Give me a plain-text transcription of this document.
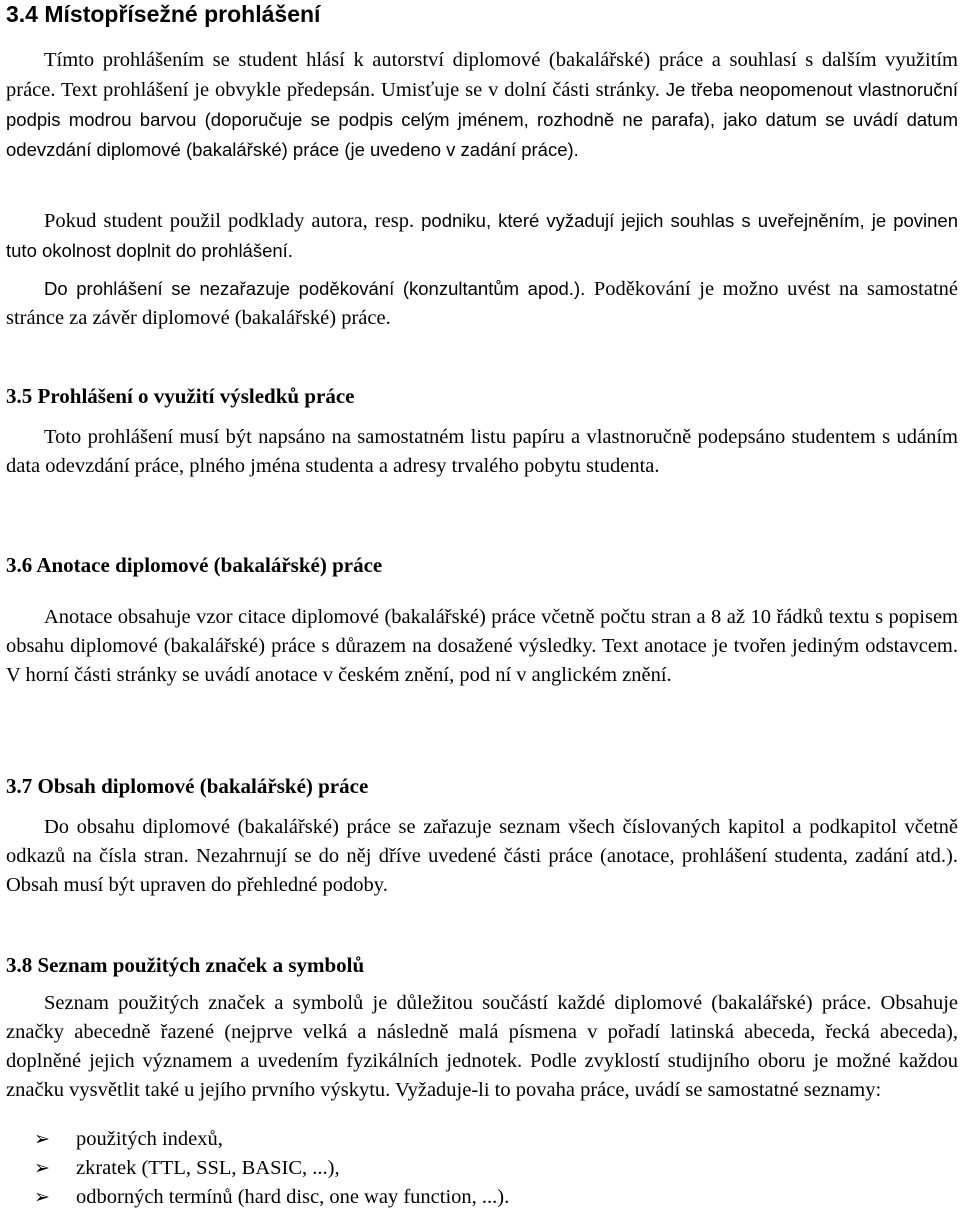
3.4 Místopřísežné prohlášení
Tímto prohlášením se student hlásí k autorství diplomové (bakalářské) práce a souhlasí s dalším využitím práce. Text prohlášení je obvykle předepsán. Umisťuje se v dolní části stránky. Je třeba neopomenout vlastnoruční podpis modrou barvou (doporučuje se podpis celým jménem, rozhodně ne parafa), jako datum se uvádí datum odevzdání diplomové (bakalářské) práce (je uvedeno v zadání práce).
Pokud student použil podklady autora, resp. podniku, které vyžadují jejich souhlas s uveřejněním, je povinen tuto okolnost doplnit do prohlášení.
Do prohlášení se nezařazuje poděkování (konzultantům apod.). Poděkování je možno uvést na samostatné stránce za závěr diplomové (bakalářské) práce.
3.5 Prohlášení o využití výsledků práce
Toto prohlášení musí být napsáno na samostatném listu papíru a vlastnoručně podepsáno studentem s udáním data odevzdání práce, plného jména studenta a adresy trvalého pobytu studenta.
3.6 Anotace diplomové (bakalářské) práce
Anotace obsahuje vzor citace diplomové (bakalářské) práce včetně počtu stran a 8 až 10 řádků textu s popisem obsahu diplomové (bakalářské) práce s důrazem na dosažené výsledky. Text anotace je tvořen jediným odstavcem. V horní části stránky se uvádí anotace v českém znění, pod ní v anglickém znění.
3.7 Obsah diplomové (bakalářské) práce
Do obsahu diplomové (bakalářské) práce se zařazuje seznam všech číslovaných kapitol a podkapitol včetně odkazů na čísla stran. Nezahrnují se do něj dříve uvedené části práce (anotace, prohlášení studenta, zadání atd.). Obsah musí být upraven do přehledné podoby.
3.8 Seznam použitých značek a symbolů
Seznam použitých značek a symbolů je důležitou součástí každé diplomové (bakalářské) práce. Obsahuje značky abecedně řazené (nejprve velká a následně malá písmena v pořadí latinská abeceda, řecká abeceda), doplněné jejich významem a uvedením fyzikálních jednotek. Podle zvyklostí studijního oboru je možné každou značku vysvětlit také u jejího prvního výskytu. Vyžaduje-li to povaha práce, uvádí se samostatné seznamy:
➢ použitých indexů,
➢ zkratek (TTL, SSL, BASIC, ...),
➢ odborných termínů (hard disc, one way function, ...).
